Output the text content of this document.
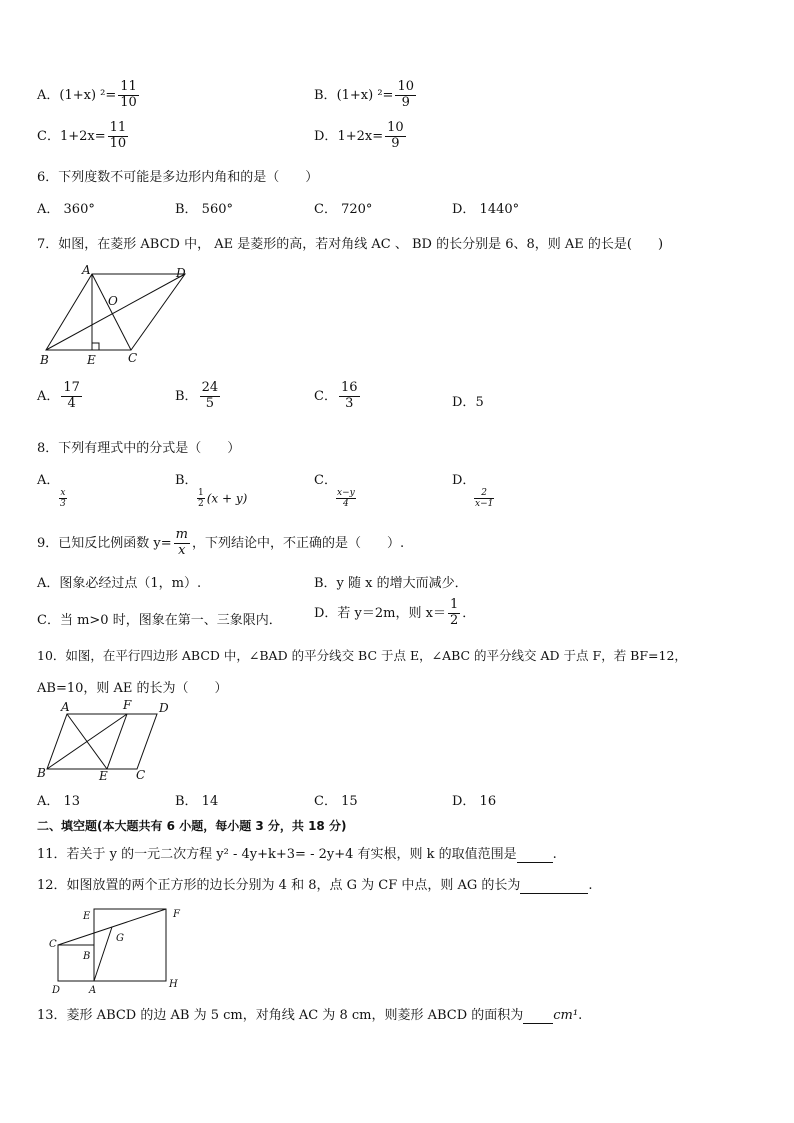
A．(1+x) $^2= \frac{11}{10}$	B．(1+x) $^2= \frac{10}{9}$
C．$1+2x= \frac{11}{10}$	D．$1+2x= \frac{10}{9}$
6．下列度数不可能是多边形内角和的是（　　）
A． 360°	B． 560°	C． 720°	D． 1440°
7．如图，在菱形 ABCD 中， AE 是菱形的高，若对角线 AC 、 BD 的长分别是 6、8，则 AE 的长是(　　)
A	D
O
B	E	C
A． $\frac{17}{4}$	B． $\frac{24}{5}$	C． $\frac{16}{3}$	D．5
8．下列有理式中的分式是（　　）
A．

$\frac{x}{3}$
B．

$\frac{1}{2} (x + y)$
C．

$\frac{x-y}{4}$
D．

$\frac{2}{x-1}$
9．已知反比例函数 $y= \frac{m}{x}$ ，下列结论中，不正确的是（　　）.
A．图象必经过点（1，m）.	B．y 随 x 的增大而减少．
C．当 m>0 时，图象在第一、三象限内． D．若 y＝2m，则 $x= \frac{1}{2}$ ．
10．如图，在平行四边形 ABCD 中，∠BAD 的平分线交 BC 于点 E，∠ABC 的平分线交 AD 于点 F，若 BF=12，
AB=10，则 AE 的长为（　　）
A	F D
B	E C
A． 13	B． 14	C． 15	D． 16
二、填空题(本大题共有 6 小题，每小题 3 分，共 18 分)
11．若关于 y 的一元二次方程 y² - 4y+k+3= - 2y+4 有实根，则 k 的取值范围是	.
12．如图放置的两个正方形的边长分别为 4 和 8，点 G 为 CF 中点，则 AG 的长为	.
E	F
C
G
B
D	A
H
13．菱形 ABCD 的边 AB 为 5 cm，对角线 AC 为 8 cm，则菱形 ABCD 的面积为 cm¹.
